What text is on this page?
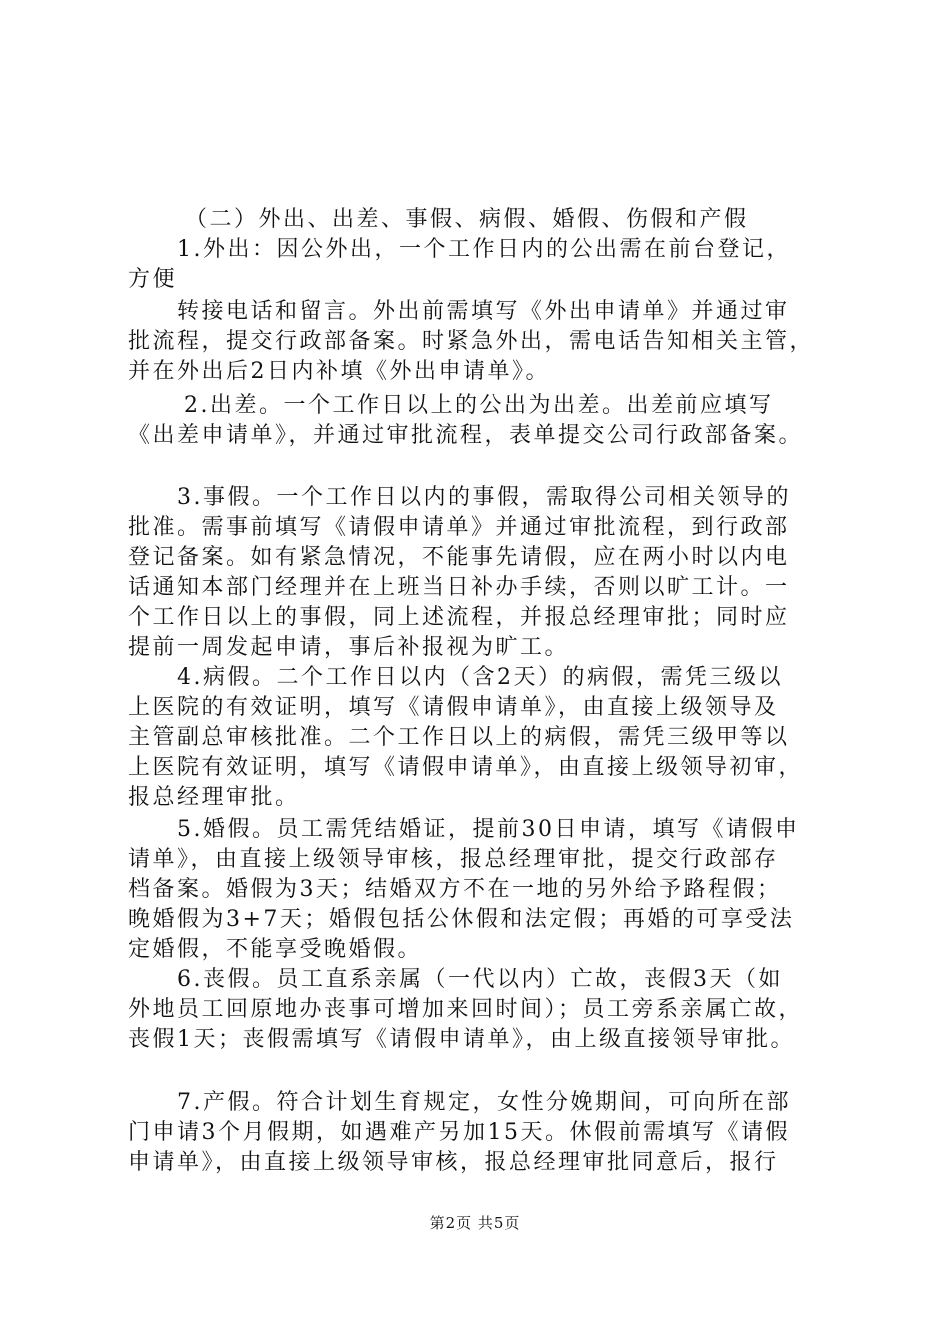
（二）外出、出差、事假、病假、婚假、伤假和产假
1.外出：因公外出，一个工作日内的公出需在前台登记，
方便
转接电话和留言。外出前需填写《外出申请单》并通过审
批流程，提交行政部备案。时紧急外出，需电话告知相关主管，
并在外出后2日内补填《外出申请单》。
2.出差。一个工作日以上的公出为出差。出差前应填写
《出差申请单》，并通过审批流程，表单提交公司行政部备案。
3.事假。一个工作日以内的事假，需取得公司相关领导的
批准。需事前填写《请假申请单》并通过审批流程，到行政部
登记备案。如有紧急情况，不能事先请假，应在两小时以内电
话通知本部门经理并在上班当日补办手续，否则以旷工计。一
个工作日以上的事假，同上述流程，并报总经理审批；同时应
提前一周发起申请，事后补报视为旷工。
4.病假。二个工作日以内（含2天）的病假，需凭三级以
上医院的有效证明，填写《请假申请单》，由直接上级领导及
主管副总审核批准。二个工作日以上的病假，需凭三级甲等以
上医院有效证明，填写《请假申请单》，由直接上级领导初审，
报总经理审批。
5.婚假。员工需凭结婚证，提前30日申请，填写《请假申
请单》，由直接上级领导审核，报总经理审批，提交行政部存
档备案。婚假为3天；结婚双方不在一地的另外给予路程假；
晚婚假为3+7天；婚假包括公休假和法定假；再婚的可享受法
定婚假，不能享受晚婚假。
6.丧假。员工直系亲属（一代以内）亡故，丧假3天（如
外地员工回原地办丧事可增加来回时间）；员工旁系亲属亡故，
丧假1天；丧假需填写《请假申请单》，由上级直接领导审批。
7.产假。符合计划生育规定，女性分娩期间，可向所在部
门申请3个月假期，如遇难产另加15天。休假前需填写《请假
申请单》，由直接上级领导审核，报总经理审批同意后，报行
第2页 共5页
